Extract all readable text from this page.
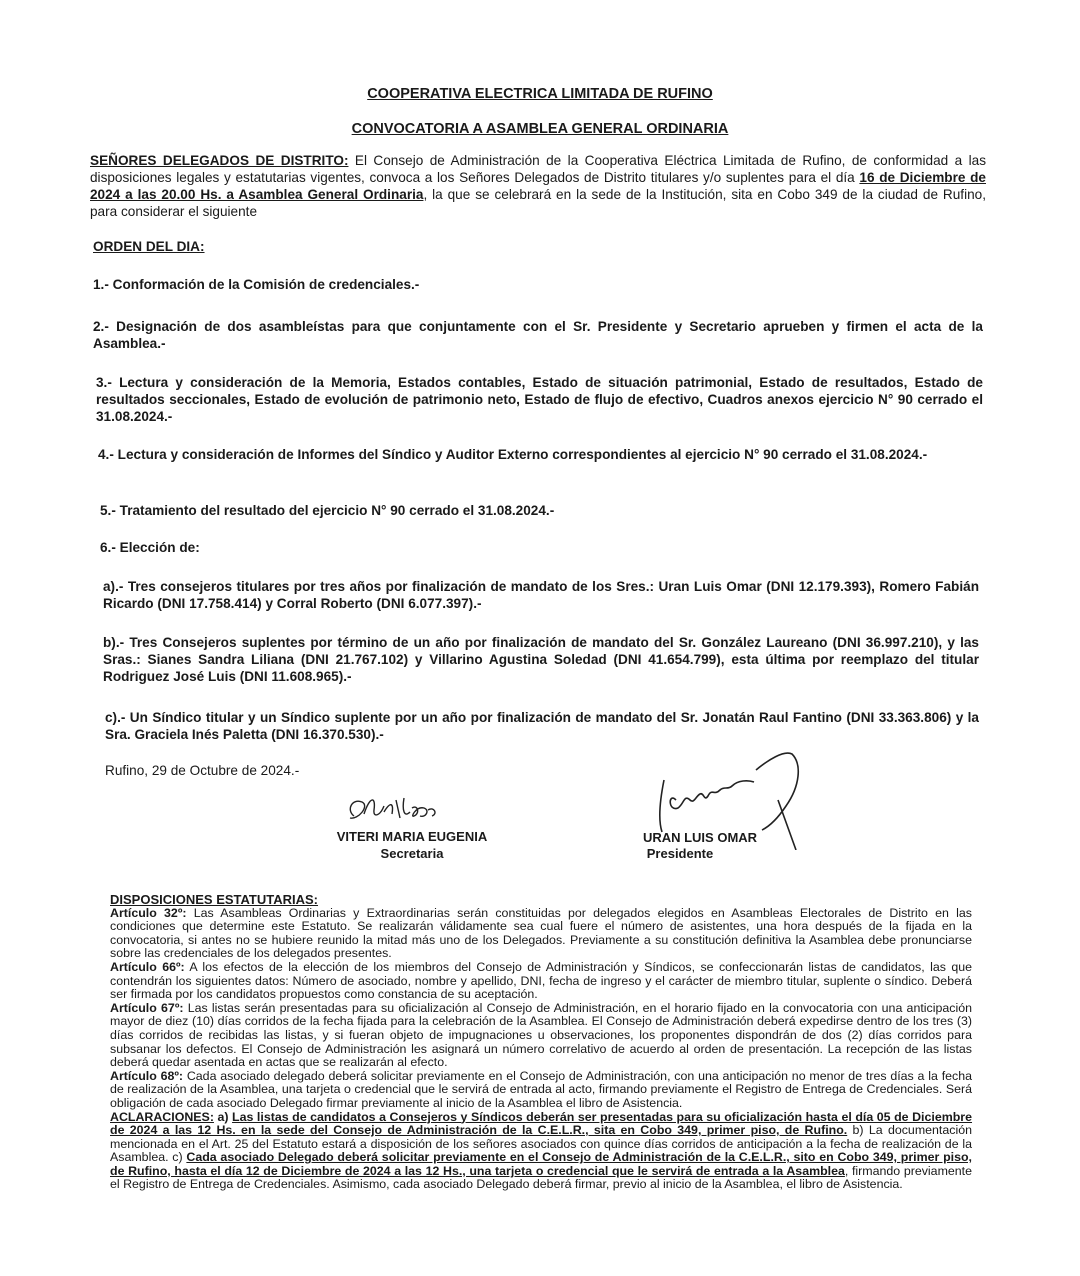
COOPERATIVA ELECTRICA LIMITADA DE RUFINO
CONVOCATORIA A ASAMBLEA GENERAL ORDINARIA
SEÑORES DELEGADOS DE DISTRITO: El Consejo de Administración de la Cooperativa Eléctrica Limitada de Rufino, de conformidad a las disposiciones legales y estatutarias vigentes, convoca a los Señores Delegados de Distrito titulares y/o suplentes para el día 16 de Diciembre de 2024 a las 20.00 Hs. a Asamblea General Ordinaria, la que se celebrará en la sede de la Institución, sita en Cobo 349 de la ciudad de Rufino, para considerar el siguiente
ORDEN DEL DIA:
1.- Conformación de la Comisión de credenciales.-
2.- Designación de dos asambleístas para que conjuntamente con el Sr. Presidente y Secretario aprueben y firmen el acta de la Asamblea.-
3.- Lectura y consideración de la Memoria, Estados contables, Estado de situación patrimonial, Estado de resultados, Estado de resultados seccionales, Estado de evolución de patrimonio neto, Estado de flujo de efectivo, Cuadros anexos ejercicio N° 90 cerrado el 31.08.2024.-
4.- Lectura y consideración de Informes del Síndico y Auditor Externo correspondientes al ejercicio N° 90 cerrado el 31.08.2024.-
5.- Tratamiento del resultado del ejercicio N° 90 cerrado el 31.08.2024.-
6.- Elección de:
a).- Tres consejeros titulares por tres años por finalización de mandato de los Sres.: Uran Luis Omar (DNI 12.179.393), Romero Fabián Ricardo (DNI 17.758.414) y Corral Roberto (DNI 6.077.397).-
b).- Tres Consejeros suplentes por término de un año por finalización de mandato del Sr. González Laureano (DNI 36.997.210), y las Sras.: Sianes Sandra Liliana (DNI 21.767.102) y Villarino Agustina Soledad (DNI 41.654.799), esta última por reemplazo del titular Rodriguez José Luis (DNI 11.608.965).-
c).- Un Síndico titular y un Síndico suplente por un año por finalización de mandato del Sr. Jonatán Raul Fantino (DNI 33.363.806) y la Sra. Graciela Inés Paletta (DNI 16.370.530).-
Rufino, 29 de Octubre de 2024.-
VITERI MARIA EUGENIA
Secretaria
URAN LUIS OMAR
Presidente

DISPOSICIONES ESTATUTARIAS:

Artículo 32º: Las Asambleas Ordinarias y Extraordinarias serán constituidas por delegados elegidos en Asambleas Electorales de Distrito en las condiciones que determine este Estatuto. Se realizarán válidamente sea cual fuere el número de asistentes, una hora después de la fijada en la convocatoria, si antes no se hubiere reunido la mitad más uno de los Delegados. Previamente a su constitución definitiva la Asamblea debe pronunciarse sobre las credenciales de los delegados presentes.

Artículo 66º: A los efectos de la elección de los miembros del Consejo de Administración y Síndicos, se confeccionarán listas de candidatos, las que contendrán los siguientes datos: Número de asociado, nombre y apellido, DNI, fecha de ingreso y el carácter de miembro titular, suplente o síndico. Deberá ser firmada por los candidatos propuestos como constancia de su aceptación.

Artículo 67º: Las listas serán presentadas para su oficialización al Consejo de Administración, en el horario fijado en la convocatoria con una anticipación mayor de diez (10) días corridos de la fecha fijada para la celebración de la Asamblea. El Consejo de Administración deberá expedirse dentro de los tres (3) días corridos de recibidas las listas, y si fueran objeto de impugnaciones u observaciones, los proponentes dispondrán de dos (2) días corridos para subsanar los defectos. El Consejo de Administración les asignará un número correlativo de acuerdo al orden de presentación. La recepción de las listas deberá quedar asentada en actas que se realizarán al efecto.

Artículo 68º: Cada asociado delegado deberá solicitar previamente en el Consejo de Administración, con una anticipación no menor de tres días a la fecha de realización de la Asamblea, una tarjeta o credencial que le servirá de entrada al acto, firmando previamente el Registro de Entrega de Credenciales. Será obligación de cada asociado Delegado firmar previamente al inicio de la Asamblea el libro de Asistencia.

ACLARACIONES: a) Las listas de candidatos a Consejeros y Síndicos deberán ser presentadas para su oficialización hasta el día 05 de Diciembre de 2024 a las 12 Hs. en la sede del Consejo de Administración de la C.E.L.R., sita en Cobo 349, primer piso, de Rufino. b) La documentación mencionada en el Art. 25 del Estatuto estará a disposición de los señores asociados con quince días corridos de anticipación a la fecha de realización de la Asamblea. c) Cada asociado Delegado deberá solicitar previamente en el Consejo de Administración de la C.E.L.R., sito en Cobo 349, primer piso, de Rufino, hasta el día 12 de Diciembre de 2024 a las 12 Hs., una tarjeta o credencial que le servirá de entrada a la Asamblea, firmando previamente el Registro de Entrega de Credenciales. Asimismo, cada asociado Delegado deberá firmar, previo al inicio de la Asamblea, el libro de Asistencia.
